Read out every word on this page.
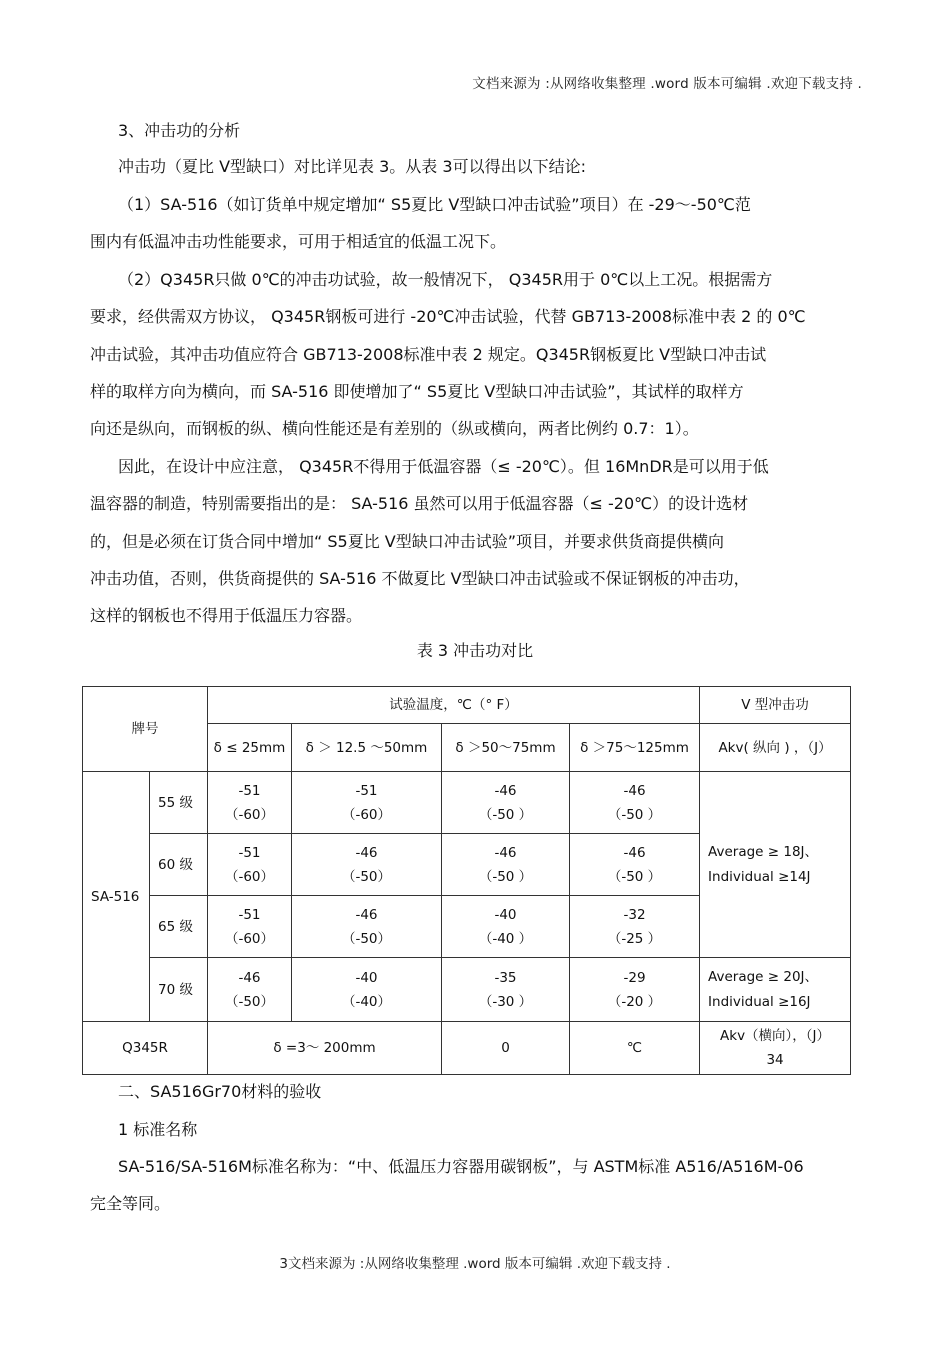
文档来源为 :从网络收集整理 .word 版本可编辑 .欢迎下载支持 .
3、冲击功的分析
冲击功（夏比 V型缺口）对比详见表 3。从表 3可以得出以下结论:
（1）SA-516（如订货单中规定增加“ S5夏比 V型缺口冲击试验”项目）在 -29～-50℃范
围内有低温冲击功性能要求，可用于相适宜的低温工况下。
（2）Q345R只做 0℃的冲击功试验，故一般情况下， Q345R用于 0℃以上工况。根据需方
要求，经供需双方协议， Q345R钢板可进行 -20℃冲击试验，代替 GB713-2008标准中表 2 的 0℃
冲击试验，其冲击功值应符合 GB713-2008标准中表 2 规定。Q345R钢板夏比 V型缺口冲击试
样的取样方向为横向，而 SA-516 即使增加了“ S5夏比 V型缺口冲击试验”，其试样的取样方
向还是纵向，而钢板的纵、横向性能还是有差别的（纵或横向，两者比例约 0.7：1）。
因此，在设计中应注意， Q345R不得用于低温容器（≤ -20℃）。但 16MnDR是可以用于低
温容器的制造，特别需要指出的是： SA-516 虽然可以用于低温容器（≤ -20℃）的设计选材
的，但是必须在订货合同中增加“ S5夏比 V型缺口冲击试验”项目，并要求供货商提供横向
冲击功值，否则，供货商提供的 SA-516 不做夏比 V型缺口冲击试验或不保证钢板的冲击功，
这样的钢板也不得用于低温压力容器。
表 3 冲击功对比
牌号		试验温度，℃（° F）				V 型冲击功
		δ ≤ 25mm	δ ＞ 12.5 ～50mm	δ ＞50～75mm	δ ＞75～125mm	Akv( 纵向 ) ，（J）
SA-516	55 级	-51
（-60）	-51
（-60）	-46
（-50 ）	-46
（-50 ）	Average ≥ 18J、
Individual ≥14J

	60 级	-51
（-60）	-46
（-50）	-46
（-50 ）	-46
（-50 ）	

	65 级	-51
（-60）	-46
（-50）	-40
（-40 ）	-32
（-25 ）	

	70 级	-46
（-50）	-40
（-40）	-35
（-30 ）	-29
（-20 ）	Average ≥ 20J、
Individual ≥16J

Q345R		δ =3～ 200mm		0	℃	Akv（横向），（J）
34
二、SA516Gr70材料的验收
1 标准名称
SA-516/SA-516M标准名称为：“中、低温压力容器用碳钢板”，与 ASTM标准 A516/A516M-06
完全等同。
3文档来源为 :从网络收集整理 .word 版本可编辑 .欢迎下载支持 .
